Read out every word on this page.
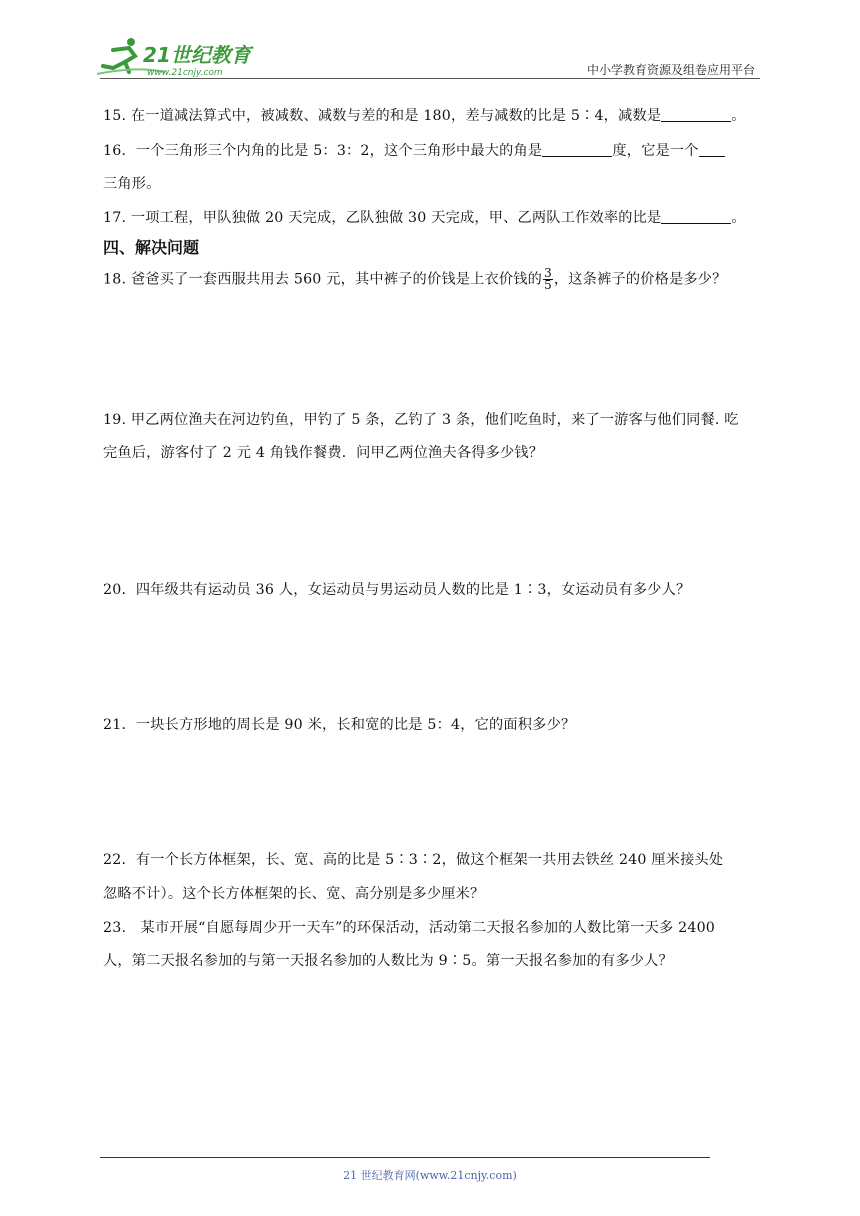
21世纪教育
www.21cnjy.com	中小学教育资源及组卷应用平台
15. 在一道减法算式中，被减数、减数与差的和是 180，差与减数的比是 5∶4，减数是	。
16．一个三角形三个内角的比是 5：3：2，这个三角形中最大的角是	度，它是一个
三角形。
17. 一项工程，甲队独做 20 天完成，乙队独做 30 天完成，甲、乙两队工作效率的比是	。
四、解决问题
18. 爸爸买了一套西服共用去 560 元，其中裤子的价钱是上衣价钱的 $\frac{3}{5}$ ，这条裤子的价格是多少？
19. 甲乙两位渔夫在河边钓鱼，甲钓了 5 条，乙钓了 3 条，他们吃鱼时，来了一游客与他们同餐. 吃
完鱼后，游客付了 2 元 4 角钱作餐费．问甲乙两位渔夫各得多少钱？
20．四年级共有运动员 36 人，女运动员与男运动员人数的比是 1∶3，女运动员有多少人？
21．一块长方形地的周长是 90 米，长和宽的比是 5：4，它的面积多少？
22．有一个长方体框架，长、宽、高的比是 5∶3∶2，做这个框架一共用去铁丝 240 厘米接头处
忽略不计）。这个长方体框架的长、宽、高分别是多少厘米？
23.　某市开展“自愿每周少开一天车”的环保活动，活动第二天报名参加的人数比第一天多 2400
人，第二天报名参加的与第一天报名参加的人数比为 9∶5。第一天报名参加的有多少人？
21 世纪教育网(www.21cnjy.com)
